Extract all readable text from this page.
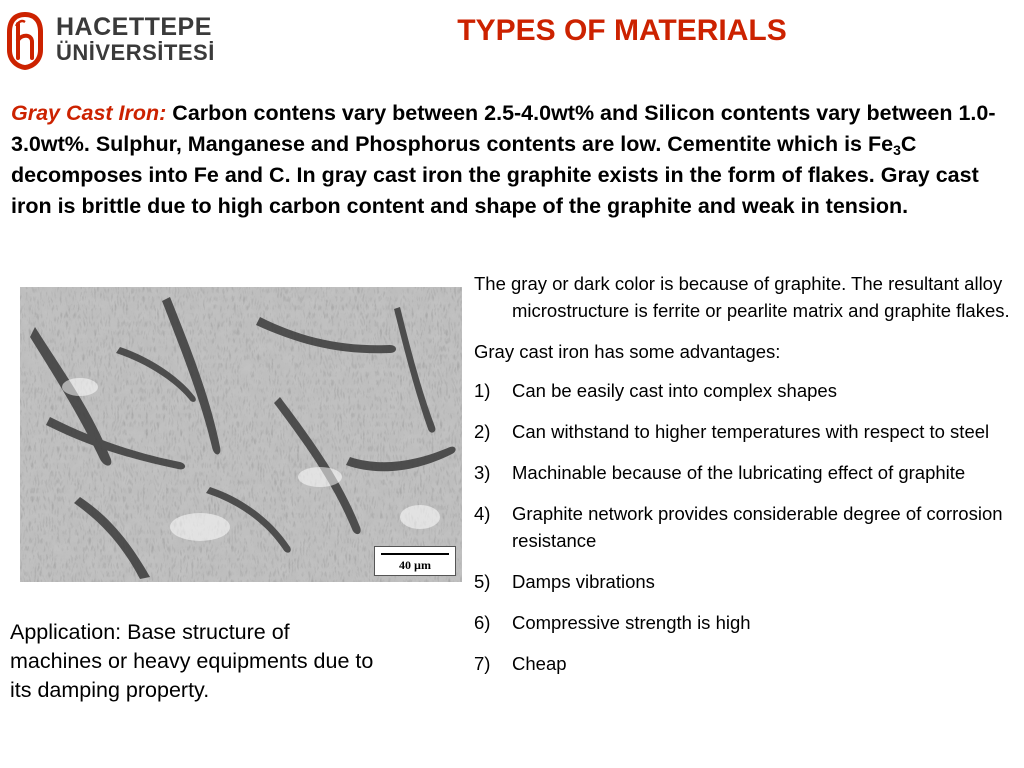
HACETTEPE
ÜNİVERSİTESİ
TYPES OF MATERIALS
Gray Cast Iron: Carbon contens vary between 2.5-4.0wt% and Silicon contents vary between 1.0-3.0wt%. Sulphur, Manganese and Phosphorus contents are low. Cementite which is $Fe_3C$ decomposes into Fe and C. In gray cast iron the graphite exists in the form of flakes. Gray cast iron is brittle due to high carbon content and shape of the graphite and weak in tension.
40 µm
Application: Base structure of machines or heavy equipments due to its damping property.
The gray or dark color is because of graphite. The resultant alloy microstructure is ferrite or pearlite matrix and graphite flakes.
Gray cast iron has some advantages:
1) Can be easily cast into complex shapes
2) Can withstand to higher temperatures with respect to steel
3) Machinable because of the lubricating effect of graphite
4) Graphite network provides considerable degree of corrosion resistance
5) Damps vibrations
6) Compressive strength is high
7) Cheap
